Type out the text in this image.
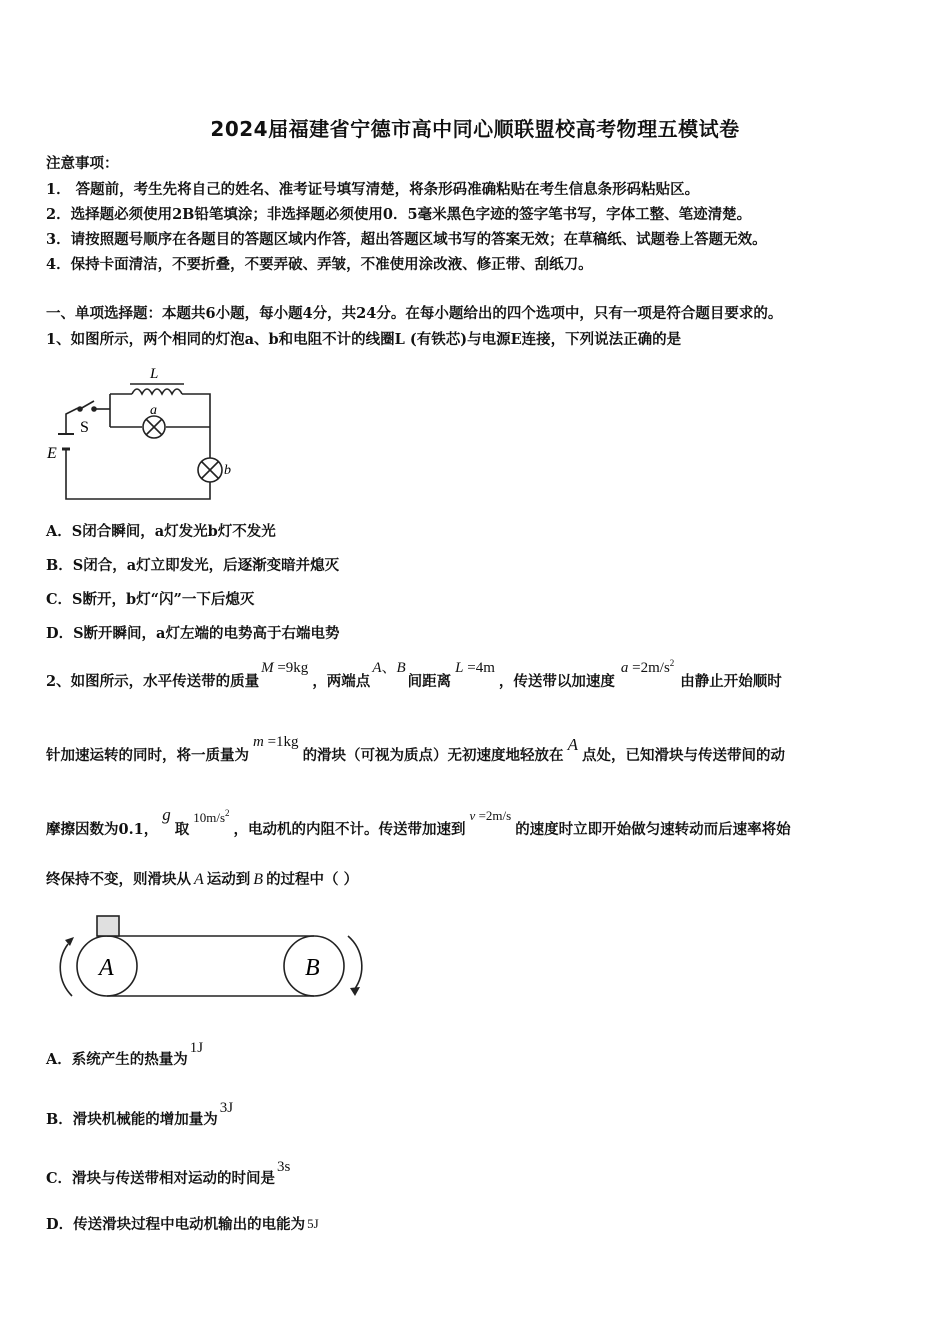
2024届福建省宁德市高中同心顺联盟校高考物理五模试卷
注意事项：
1． 答题前，考生先将自己的姓名、准考证号填写清楚，将条形码准确粘贴在考生信息条形码粘贴区。
2．选择题必须使用2B铅笔填涂；非选择题必须使用0．5毫米黑色字迹的签字笔书写，字体工整、笔迹清楚。
3．请按照题号顺序在各题目的答题区域内作答，超出答题区域书写的答案无效；在草稿纸、试题卷上答题无效。
4．保持卡面清洁，不要折叠，不要弄破、弄皱，不准使用涂改液、修正带、刮纸刀。
一、单项选择题：本题共6小题，每小题4分，共24分。在每小题给出的四个选项中，只有一项是符合题目要求的。
1、如图所示，两个相同的灯泡a、b和电阻不计的线圈L (有铁芯)与电源E连接，下列说法正确的是
L
a
b
S
E
A．S闭合瞬间，a灯发光b灯不发光
B．S闭合，a灯立即发光，后逐渐变暗并熄灭
C．S断开，b灯“闪”一下后熄灭
D．S断开瞬间，a灯左端的电势高于右端电势
2、如图所示，水平传送带的质量M =9kg，两端点A、B间距离L =4m，传送带以加速度$a =2m/s^2$由静止开始顺时
针加速运转的同时，将一质量为m =1kg的滑块（可视为质点）无初速度地轻放在A点处，已知滑块与传送带间的动
摩擦因数为0.1，g取$10m/s^2$，电动机的内阻不计。传送带加速到v =2m/s的速度时立即开始做匀速转动而后速率将始
终保持不变，则滑块从 A 运动到 B 的过程中（ ）
A	B
A．系统产生的热量为1J
B．滑块机械能的增加量为3J
C．滑块与传送带相对运动的时间是3s
D．传送滑块过程中电动机输出的电能为 5J
